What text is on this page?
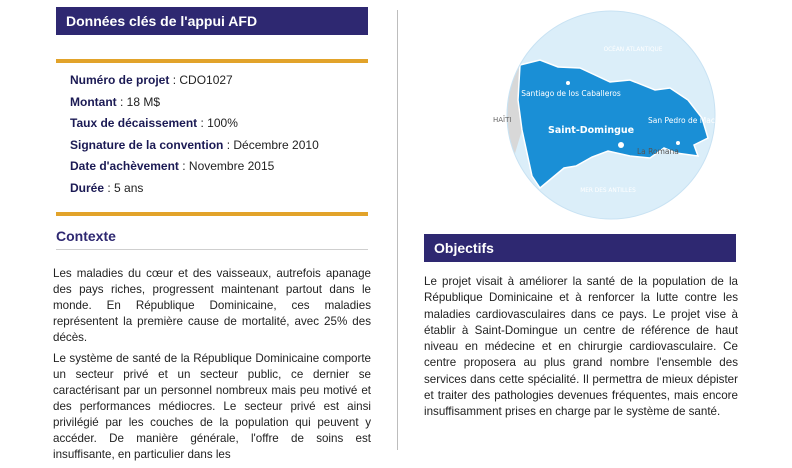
Données clés de l'appui AFD
Numéro de projet : CDO1027
Montant : 18 M$
Taux de décaissement : 100%
Signature de la convention : Décembre 2010
Date d'achèvement : Novembre 2015
Durée : 5 ans
Contexte

Les maladies du cœur et des vaisseaux, autrefois apanage des pays riches, progressent maintenant partout dans le monde. En République Dominicaine, ces maladies représentent la première cause de mortalité, avec 25% des décès.

Le système de santé de la République Dominicaine comporte un secteur privé et un secteur public, ce dernier se caractérisant par un personnel nombreux mais peu motivé et des performances médiocres. Le secteur privé est ainsi privilégié par les couches de la population qui peuvent y accéder. De manière générale, l'offre de soins est insuffisante, en particulier dans les

OCÉAN ATLANTIQUE
HAÏTI
MER DES ANTILLES
Santiago de los Caballeros
Saint-Domingue
San Pedro de Macoris
La Romana
Objectifs
Le projet visait à améliorer la santé de la population de la République Dominicaine et à renforcer la lutte contre les maladies cardiovasculaires dans ce pays. Le projet vise à établir à Saint-Domingue un centre de référence de haut niveau en médecine et en chirurgie cardiovasculaire. Ce centre proposera au plus grand nombre l'ensemble des services dans cette spécialité. Il permettra de mieux dépister et traiter des pathologies devenues fréquentes, mais encore insuffisamment prises en charge par le système de santé.
